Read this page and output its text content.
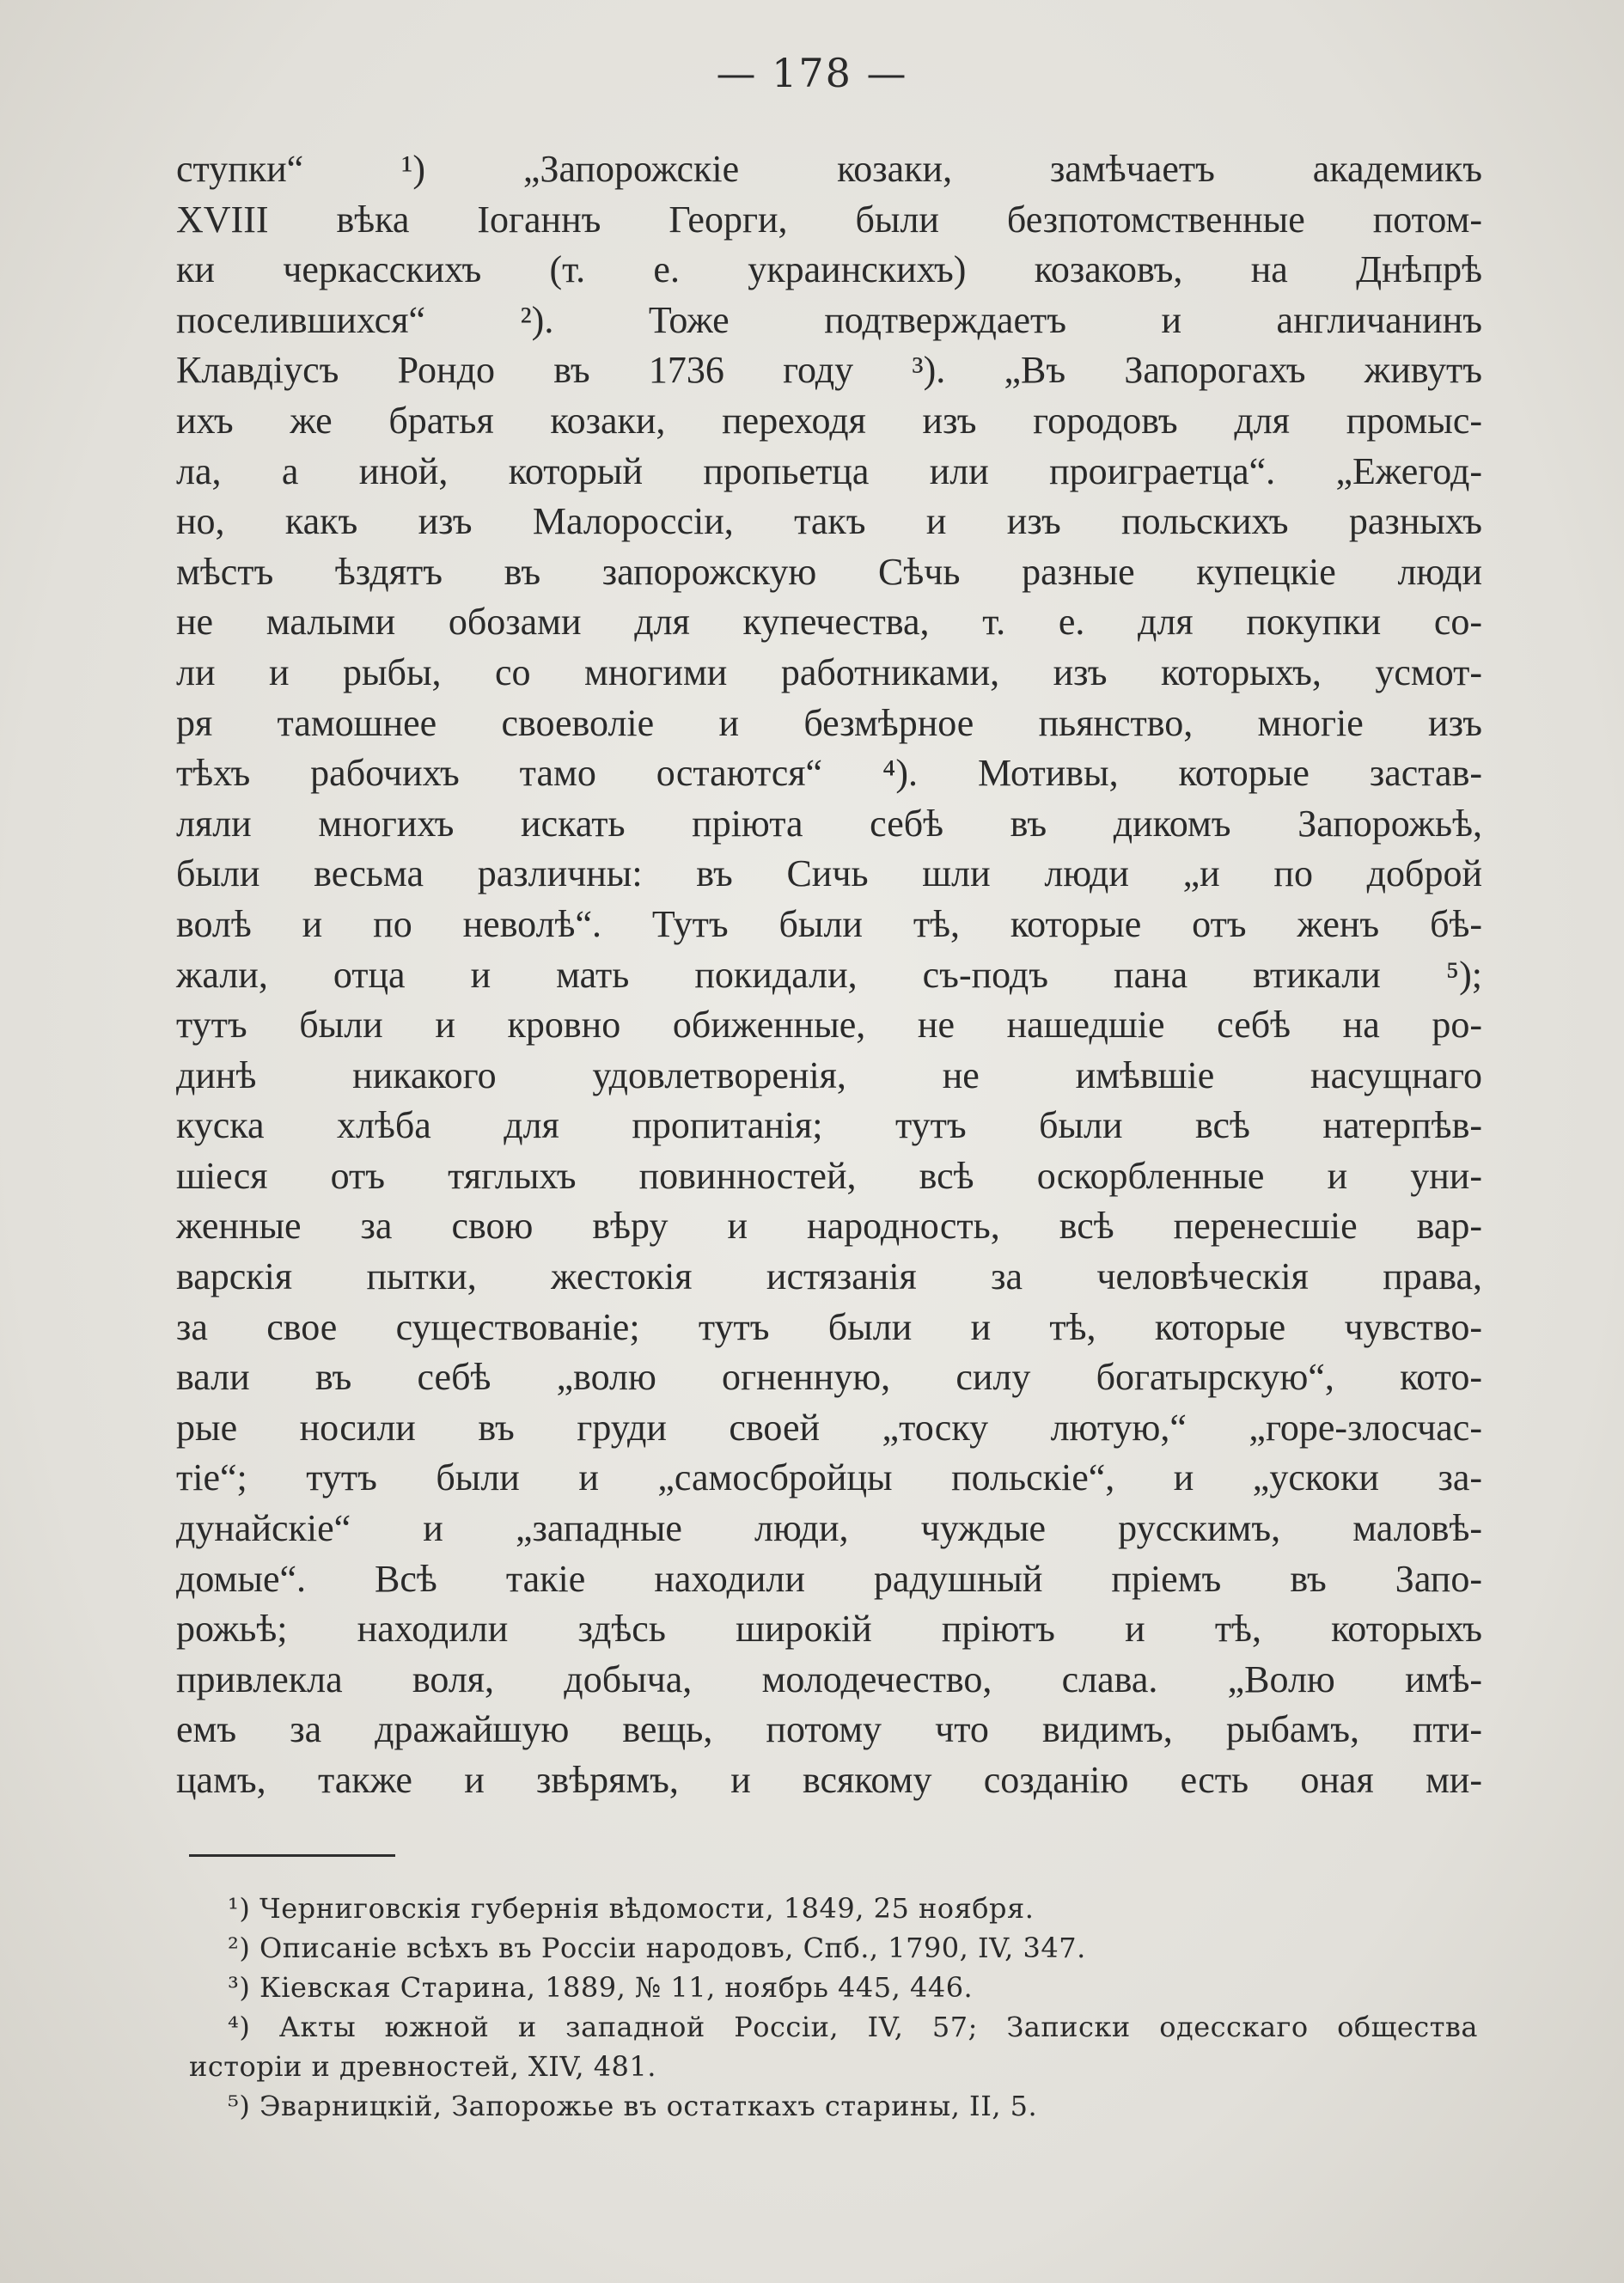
— 178 —
ступки“ ¹) „Запорожскiе козаки, замѣчаетъ академикъ
XVIII вѣка Iоганнъ Георги, были безпотомственные потом-
ки черкасскихъ (т. е. украинскихъ) козаковъ, на Днѣпрѣ
поселившихся“ ²). Тоже подтверждаетъ и англичанинъ
Клавдiусъ Рондо въ 1736 году ³). „Въ Запорогахъ живутъ
ихъ же братья козаки, переходя изъ городовъ для промыс-
ла, а иной, который пропьетца или проиграетца“. „Ежегод-
но, какъ изъ Малороссiи, такъ и изъ польскихъ разныхъ
мѣстъ ѣздятъ въ запорожскую Сѣчь разные купецкiе люди
не малыми обозами для купечества, т. е. для покупки со-
ли и рыбы, со многими работниками, изъ которыхъ, усмот-
ря тамошнее своеволiе и безмѣрное пьянство, многiе изъ
тѣхъ рабочихъ тамо остаются“ ⁴). Мотивы, которые застав-
ляли многихъ искать прiюта себѣ въ дикомъ Запорожьѣ,
были весьма различны: въ Сичь шли люди „и по доброй
волѣ и по неволѣ“. Тутъ были тѣ, которые отъ женъ бѣ-
жали, отца и мать покидали, съ-подъ пана втикали ⁵);
тутъ были и кровно обиженные, не нашедшiе себѣ на ро-
динѣ никакого удовлетворенiя, не имѣвшiе насущнаго
куска хлѣба для пропитанiя; тутъ были всѣ натерпѣв-
шiеся отъ тяглыхъ повинностей, всѣ оскорбленные и уни-
женные за свою вѣру и народность, всѣ перенесшiе вар-
варскiя пытки, жестокiя истязанiя за человѣческiя права,
за свое существованiе; тутъ были и тѣ, которые чувство-
вали въ себѣ „волю огненную, силу богатырскую“, кото-
рые носили въ груди своей „тоску лютую,“ „горе-злосчас-
тiе“; тутъ были и „самосбройцы польскiе“, и „ускоки за-
дунайскiе“ и „западные люди, чуждые русскимъ, маловѣ-
домые“. Всѣ такiе находили радушный прiемъ въ Запо-
рожьѣ; находили здѣсь широкiй прiютъ и тѣ, которыхъ
привлекла воля, добыча, молодечество, слава. „Волю имѣ-
емъ за дражайшую вещь, потому что видимъ, рыбамъ, пти-
цамъ, также и звѣрямъ, и всякому созданiю есть оная ми-
¹) Черниговскiя губернiя вѣдомости, 1849, 25 ноября.
²) Описанiе всѣхъ въ Россiи народовъ, Спб., 1790, IV, 347.
³) Кiевская Старина, 1889, № 11, ноябрь 445, 446.
⁴) Акты южной и западной Россiи, IV, 57; Записки одесскаго общества
исторiи и древностей, XIV, 481.
⁵) Эварницкiй, Запорожье въ остаткахъ старины, II, 5.
